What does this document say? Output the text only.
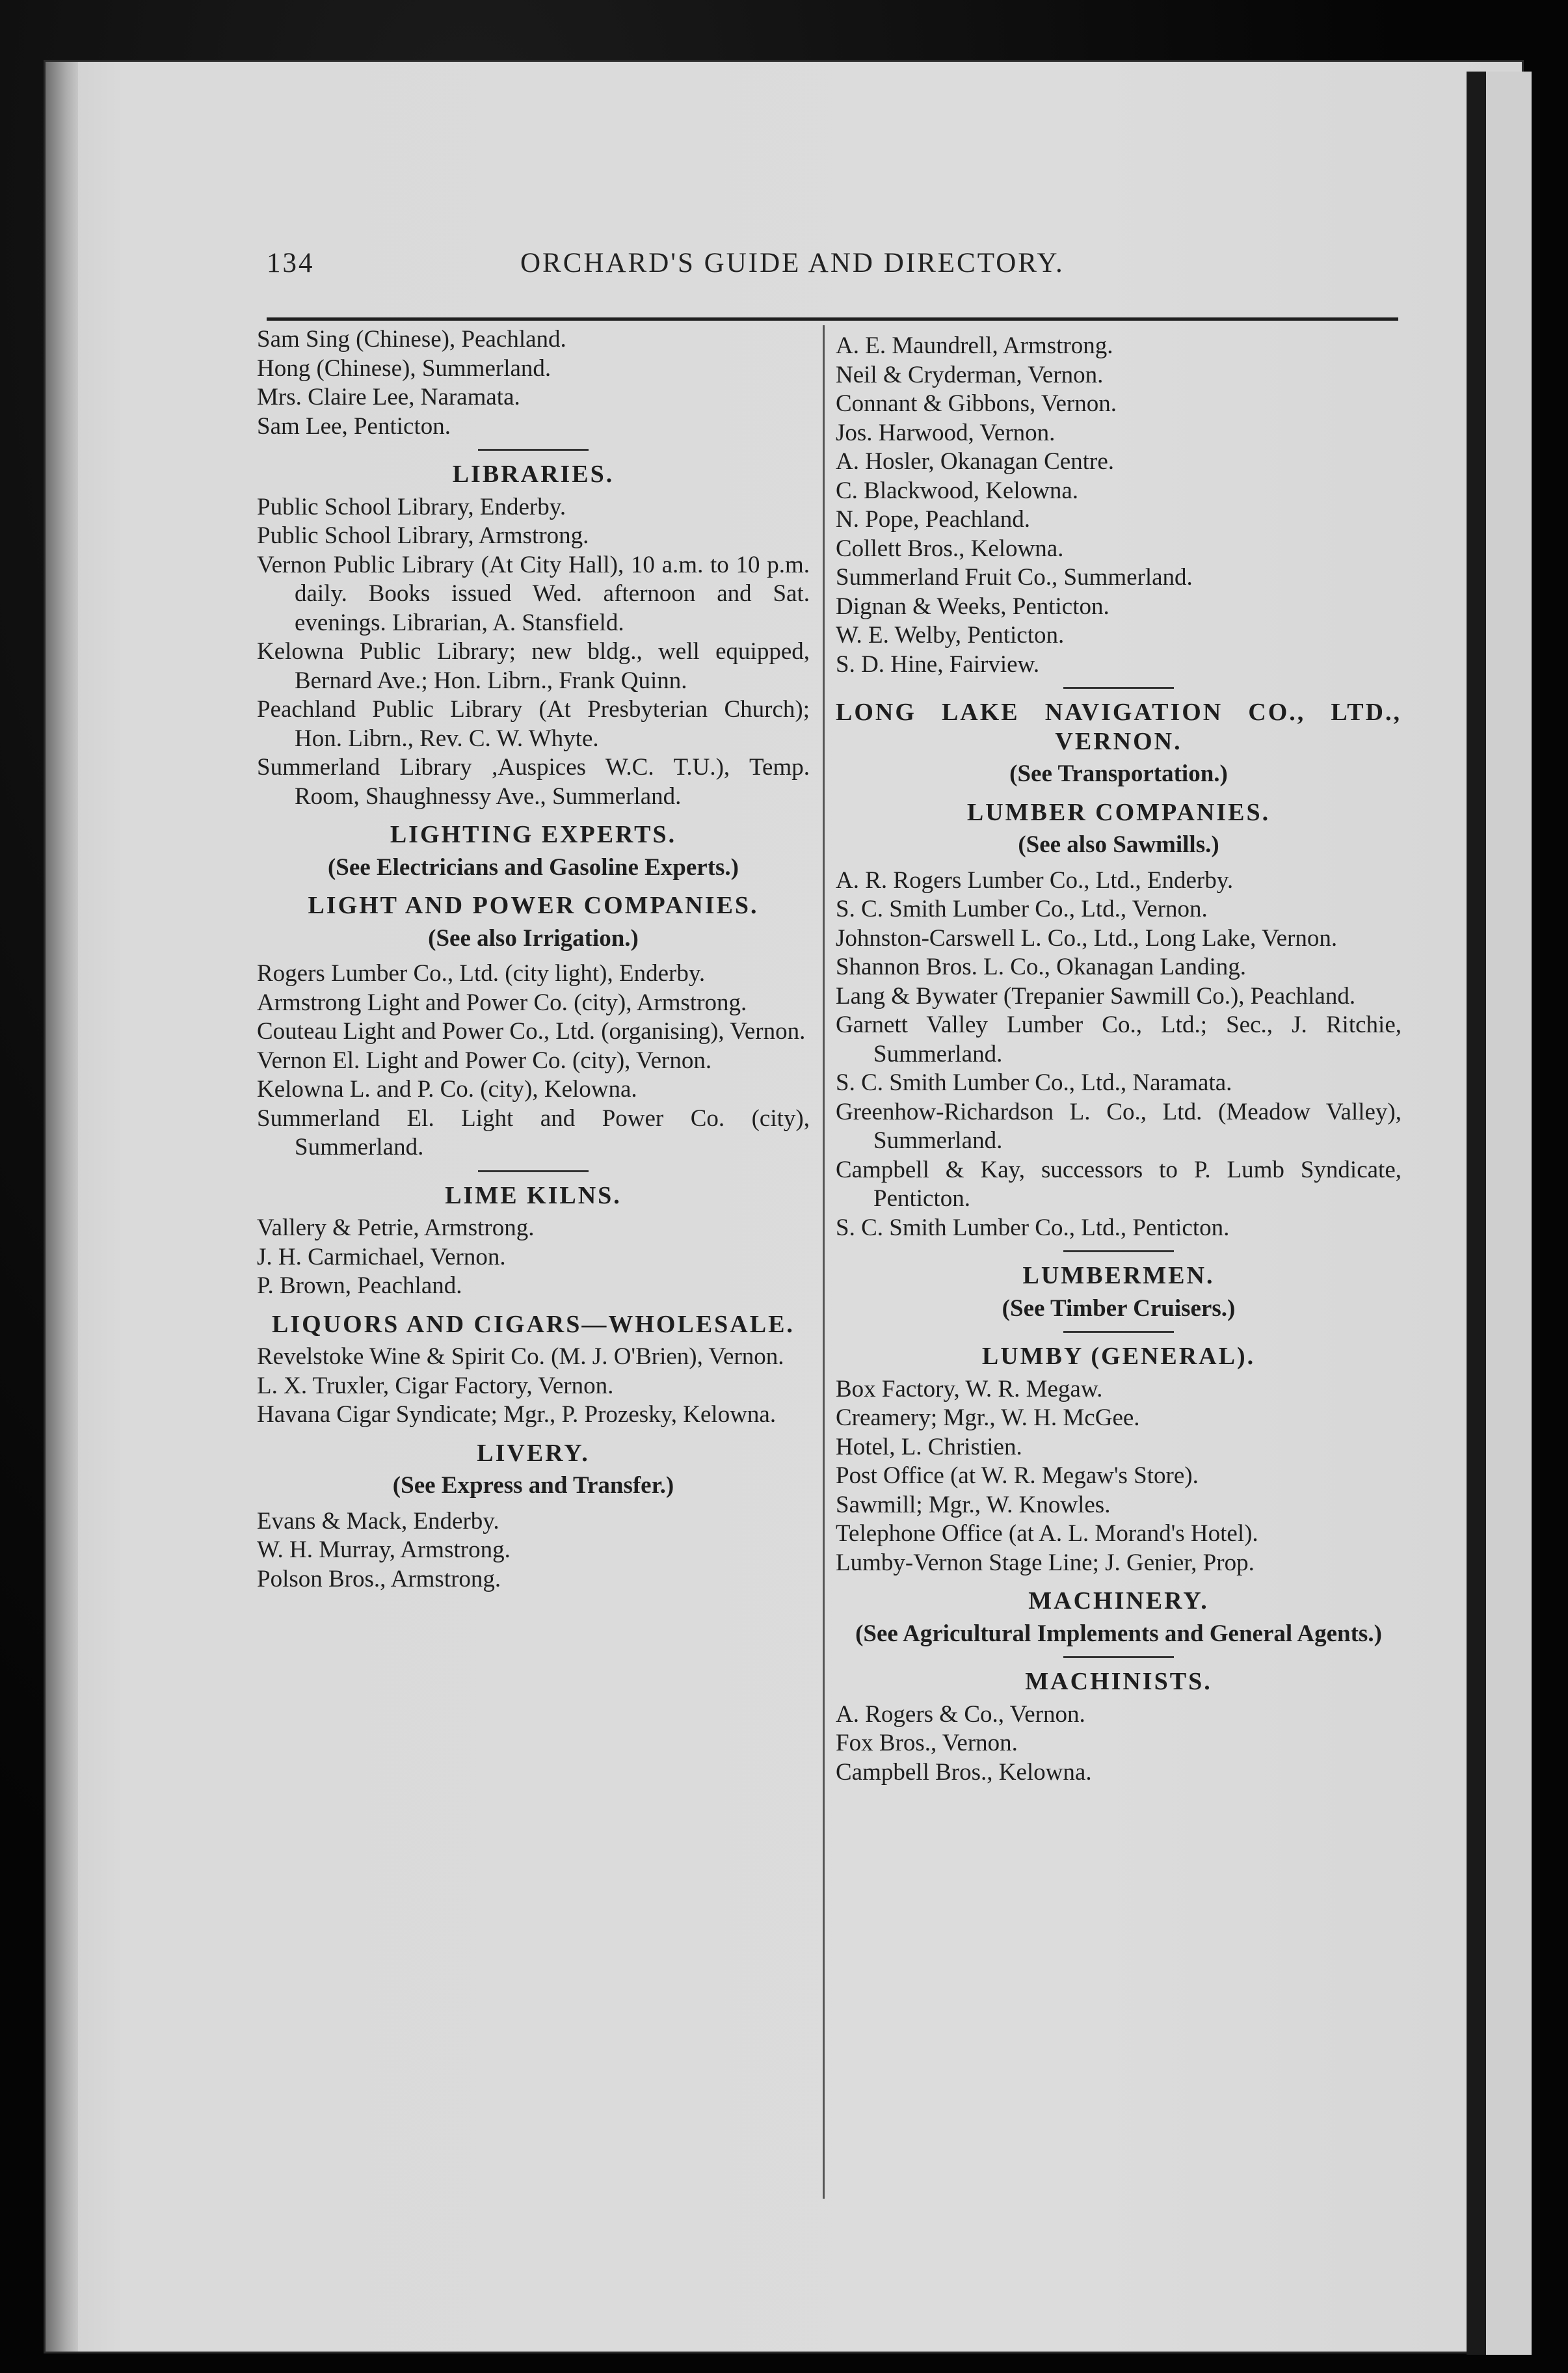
134	ORCHARD'S GUIDE AND DIRECTORY.
Sam Sing (Chinese), Peachland.
Hong (Chinese), Summerland.
Mrs. Claire Lee, Naramata.
Sam Lee, Penticton.
LIBRARIES.
Public School Library, Enderby.
Public School Library, Armstrong.
Vernon Public Library (At City Hall), 10 a.m. to 10 p.m. daily. Books issued Wed. afternoon and Sat. evenings. Librarian, A. Stansfield.
Kelowna Public Library; new bldg., well equipped, Bernard Ave.; Hon. Librn., Frank Quinn.
Peachland Public Library (At Presbyterian Church); Hon. Librn., Rev. C. W. Whyte.
Summerland Library ,Auspices W.C. T.U.), Temp. Room, Shaughnessy Ave., Summerland.
LIGHTING EXPERTS.
(See Electricians and Gasoline Experts.)
LIGHT AND POWER COMPANIES.
(See also Irrigation.)
Rogers Lumber Co., Ltd. (city light), Enderby.
Armstrong Light and Power Co. (city), Armstrong.
Couteau Light and Power Co., Ltd. (organising), Vernon.
Vernon El. Light and Power Co. (city), Vernon.
Kelowna L. and P. Co. (city), Kelowna.
Summerland El. Light and Power Co. (city), Summerland.
LIME KILNS.
Vallery & Petrie, Armstrong.
J. H. Carmichael, Vernon.
P. Brown, Peachland.
LIQUORS AND CIGARS—WHOLESALE.
Revelstoke Wine & Spirit Co. (M. J. O'Brien), Vernon.
L. X. Truxler, Cigar Factory, Vernon.
Havana Cigar Syndicate; Mgr., P. Prozesky, Kelowna.
LIVERY.
(See Express and Transfer.)
Evans & Mack, Enderby.
W. H. Murray, Armstrong.
Polson Bros., Armstrong.
A. E. Maundrell, Armstrong.
Neil & Cryderman, Vernon.
Connant & Gibbons, Vernon.
Jos. Harwood, Vernon.
A. Hosler, Okanagan Centre.
C. Blackwood, Kelowna.
N. Pope, Peachland.
Collett Bros., Kelowna.
Summerland Fruit Co., Summerland.
Dignan & Weeks, Penticton.
W. E. Welby, Penticton.
S. D. Hine, Fairview.
LONG LAKE NAVIGATION CO., LTD., VERNON.
(See Transportation.)
LUMBER COMPANIES.
(See also Sawmills.)
A. R. Rogers Lumber Co., Ltd., Enderby.
S. C. Smith Lumber Co., Ltd., Vernon.
Johnston-Carswell L. Co., Ltd., Long Lake, Vernon.
Shannon Bros. L. Co., Okanagan Landing.
Lang & Bywater (Trepanier Sawmill Co.), Peachland.
Garnett Valley Lumber Co., Ltd.; Sec., J. Ritchie, Summerland.
S. C. Smith Lumber Co., Ltd., Naramata.
Greenhow-Richardson L. Co., Ltd. (Meadow Valley), Summerland.
Campbell & Kay, successors to P. Lumb Syndicate, Penticton.
S. C. Smith Lumber Co., Ltd., Penticton.
LUMBERMEN.
(See Timber Cruisers.)
LUMBY (GENERAL).
Box Factory, W. R. Megaw.
Creamery; Mgr., W. H. McGee.
Hotel, L. Christien.
Post Office (at W. R. Megaw's Store).
Sawmill; Mgr., W. Knowles.
Telephone Office (at A. L. Morand's Hotel).
Lumby-Vernon Stage Line; J. Genier, Prop.
MACHINERY.
(See Agricultural Implements and General Agents.)
MACHINISTS.
A. Rogers & Co., Vernon.
Fox Bros., Vernon.
Campbell Bros., Kelowna.
